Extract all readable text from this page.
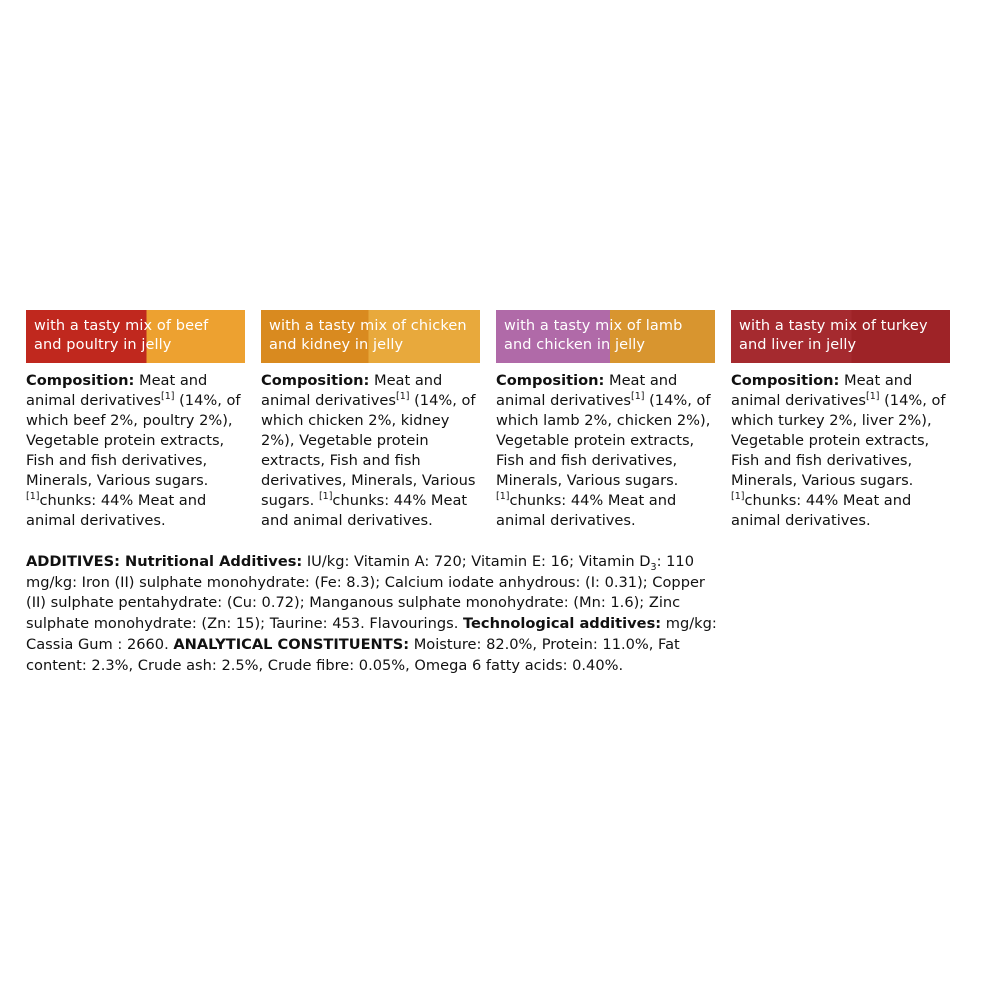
with a tasty mix of beef
and poultry in jelly
Composition: Meat and animal derivatives[1] (14%, of which beef 2%, poultry 2%), Vegetable protein extracts, Fish and fish derivatives, Minerals, Various sugars. [1]chunks: 44% Meat and animal derivatives.
with a tasty mix of chicken
and kidney in jelly
Composition: Meat and animal derivatives[1] (14%, of which chicken 2%, kidney 2%), Vegetable protein extracts, Fish and fish derivatives, Minerals, Various sugars. [1]chunks: 44% Meat and animal derivatives.
with a tasty mix of lamb
and chicken in jelly
Composition: Meat and animal derivatives[1] (14%, of which lamb 2%, chicken 2%), Vegetable protein extracts, Fish and fish derivatives, Minerals, Various sugars. [1]chunks: 44% Meat and animal derivatives.
with a tasty mix of turkey
and liver in jelly
Composition: Meat and animal derivatives[1] (14%, of which turkey 2%, liver 2%), Vegetable protein extracts, Fish and fish derivatives, Minerals, Various sugars. [1]chunks: 44% Meat and animal derivatives.
ADDITIVES: Nutritional Additives: IU/kg: Vitamin A: 720; Vitamin E: 16; Vitamin $D_3$: 110 mg/kg: Iron (II) sulphate monohydrate: (Fe: 8.3); Calcium iodate anhydrous: (I: 0.31); Copper (II) sulphate pentahydrate: (Cu: 0.72); Manganous sulphate monohydrate: (Mn: 1.6); Zinc sulphate monohydrate: (Zn: 15); Taurine: 453. Flavourings. Technological additives: mg/kg: Cassia Gum : 2660. ANALYTICAL CONSTITUENTS: Moisture: 82.0%, Protein: 11.0%, Fat content: 2.3%, Crude ash: 2.5%, Crude fibre: 0.05%, Omega 6 fatty acids: 0.40%.
